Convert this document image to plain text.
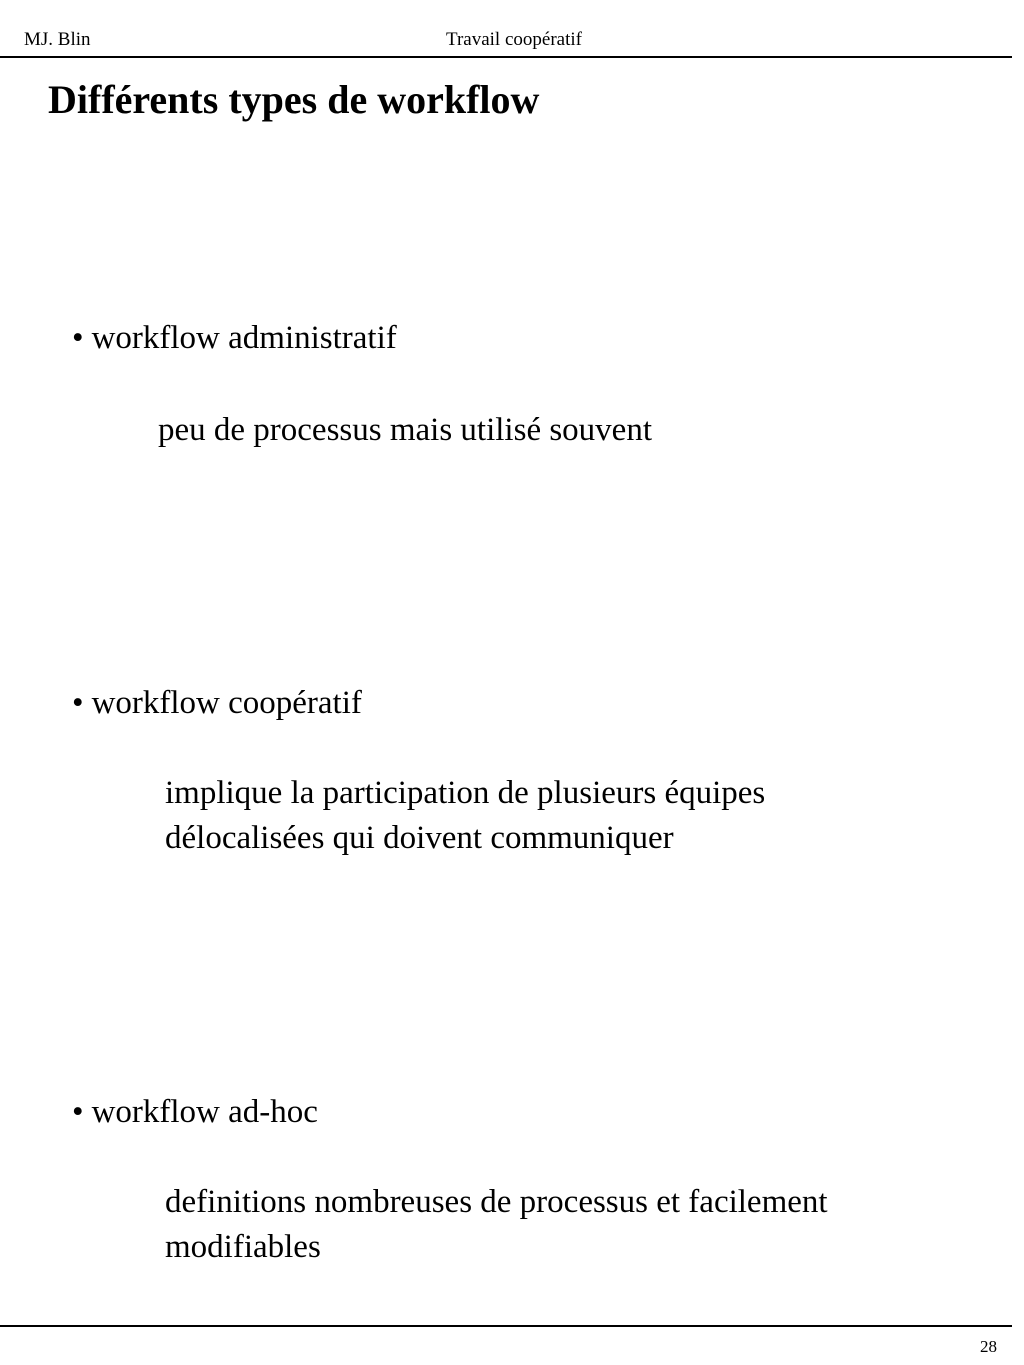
MJ. Blin	Travail coopératif
Différents types de workflow
• workflow administratif
peu de processus mais utilisé souvent
• workflow coopératif
implique la participation de plusieurs équipes
délocalisées qui doivent communiquer
• workflow ad-hoc
definitions nombreuses de processus et facilement
modifiables
28
